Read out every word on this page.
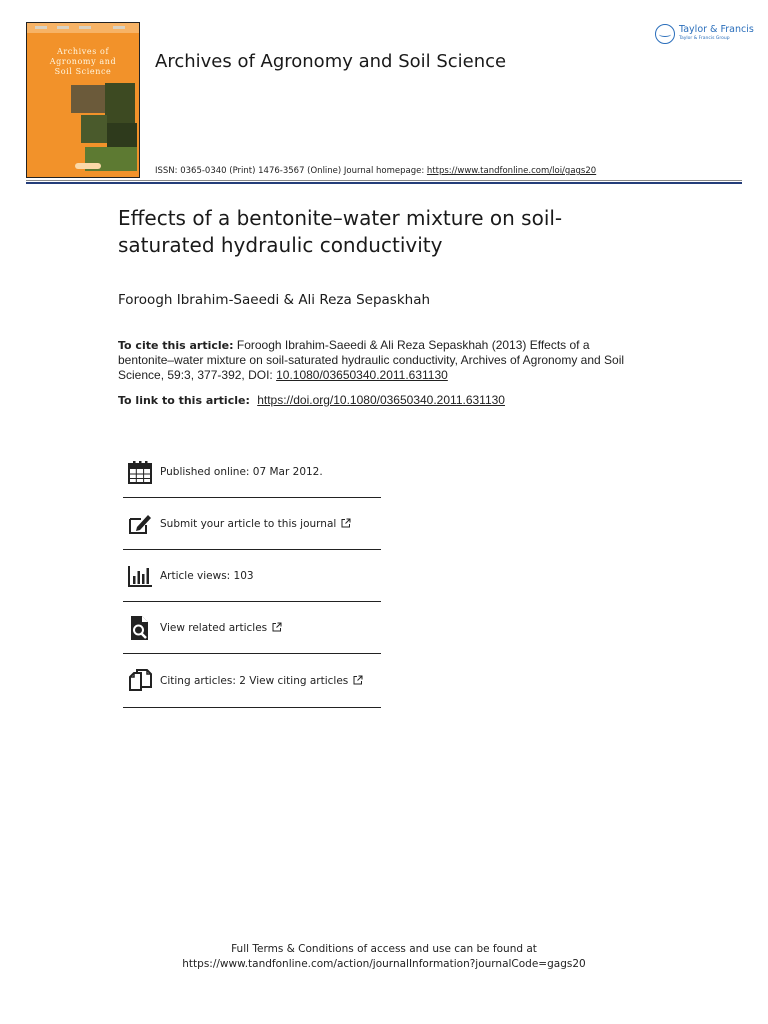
Archives of
Agronomy and
Soil Science	Archives of Agronomy and Soil Science
Taylor & Francis
Taylor & Francis Group
ISSN: 0365-0340 (Print) 1476-3567 (Online) Journal homepage: https://www.tandfonline.com/loi/gags20
Effects of a bentonite–water mixture on soil-
saturated hydraulic conductivity
Foroogh Ibrahim-Saeedi & Ali Reza Sepaskhah
To cite this article: Foroogh Ibrahim-Saeedi & Ali Reza Sepaskhah (2013) Effects of a bentonite–water mixture on soil-saturated hydraulic conductivity, Archives of Agronomy and Soil Science, 59:3, 377-392, DOI: 10.1080/03650340.2011.631130
To link to this article: https://doi.org/10.1080/03650340.2011.631130
Published online: 07 Mar 2012.
Submit your article to this journal
Article views: 103
View related articles
Citing articles: 2 View citing articles
Full Terms & Conditions of access and use can be found at
https://www.tandfonline.com/action/journalInformation?journalCode=gags20
